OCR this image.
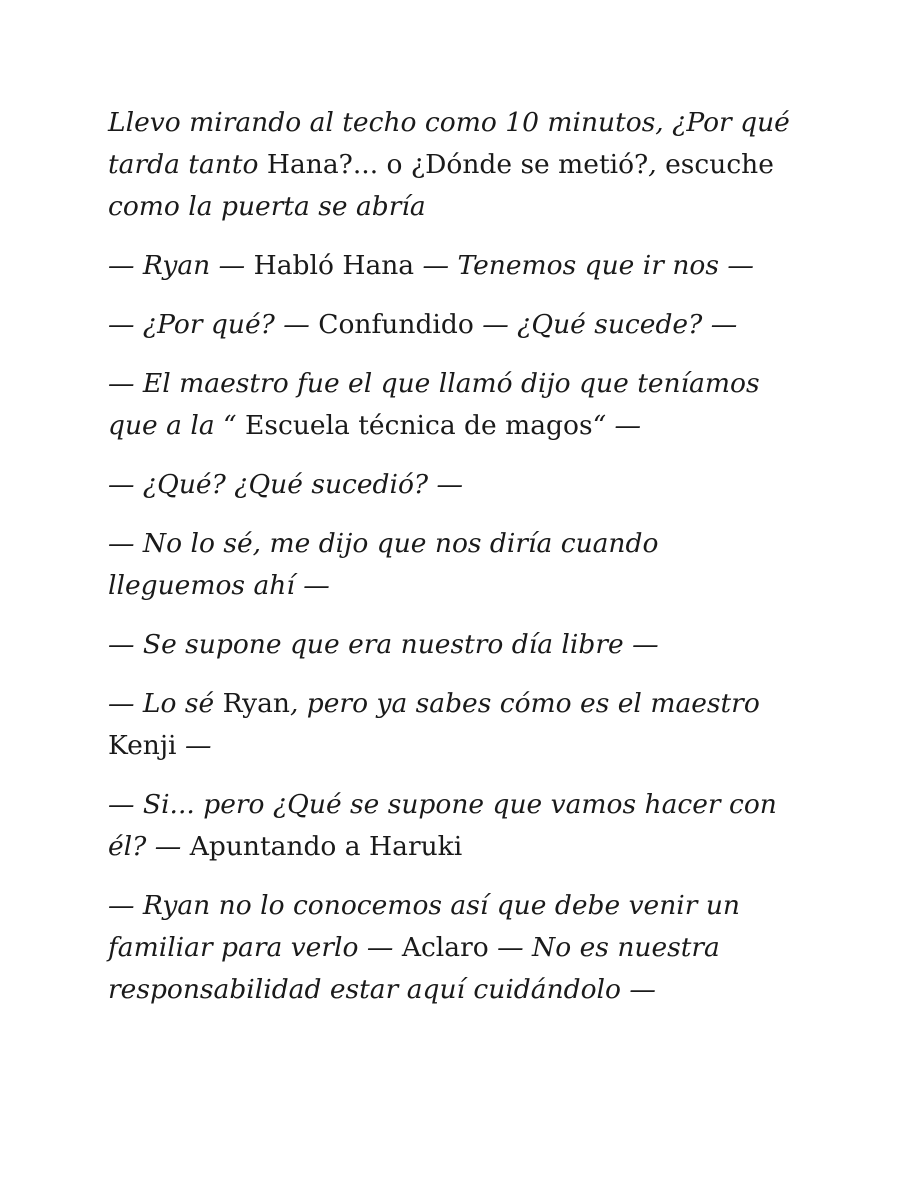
Llevo mirando al techo como 10 minutos, ¿Por qué tarda tanto Hana?... o ¿Dónde se metió?, escuche como la puerta se abría

— Ryan — Habló Hana — Tenemos que ir nos —

— ¿Por qué? — Confundido — ¿Qué sucede? —

— El maestro fue el que llamó dijo que teníamos que a la “ Escuela técnica de magos“ —

— ¿Qué? ¿Qué sucedió? —

— No lo sé, me dijo que nos diría cuando lleguemos ahí —

— Se supone que era nuestro día libre —

— Lo sé Ryan, pero ya sabes cómo es el maestro Kenji —

— Si... pero ¿Qué se supone que vamos hacer con él? — Apuntando a Haruki

— Ryan no lo conocemos así que debe venir un familiar para verlo — Aclaro — No es nuestra responsabilidad estar aquí cuidándolo —
